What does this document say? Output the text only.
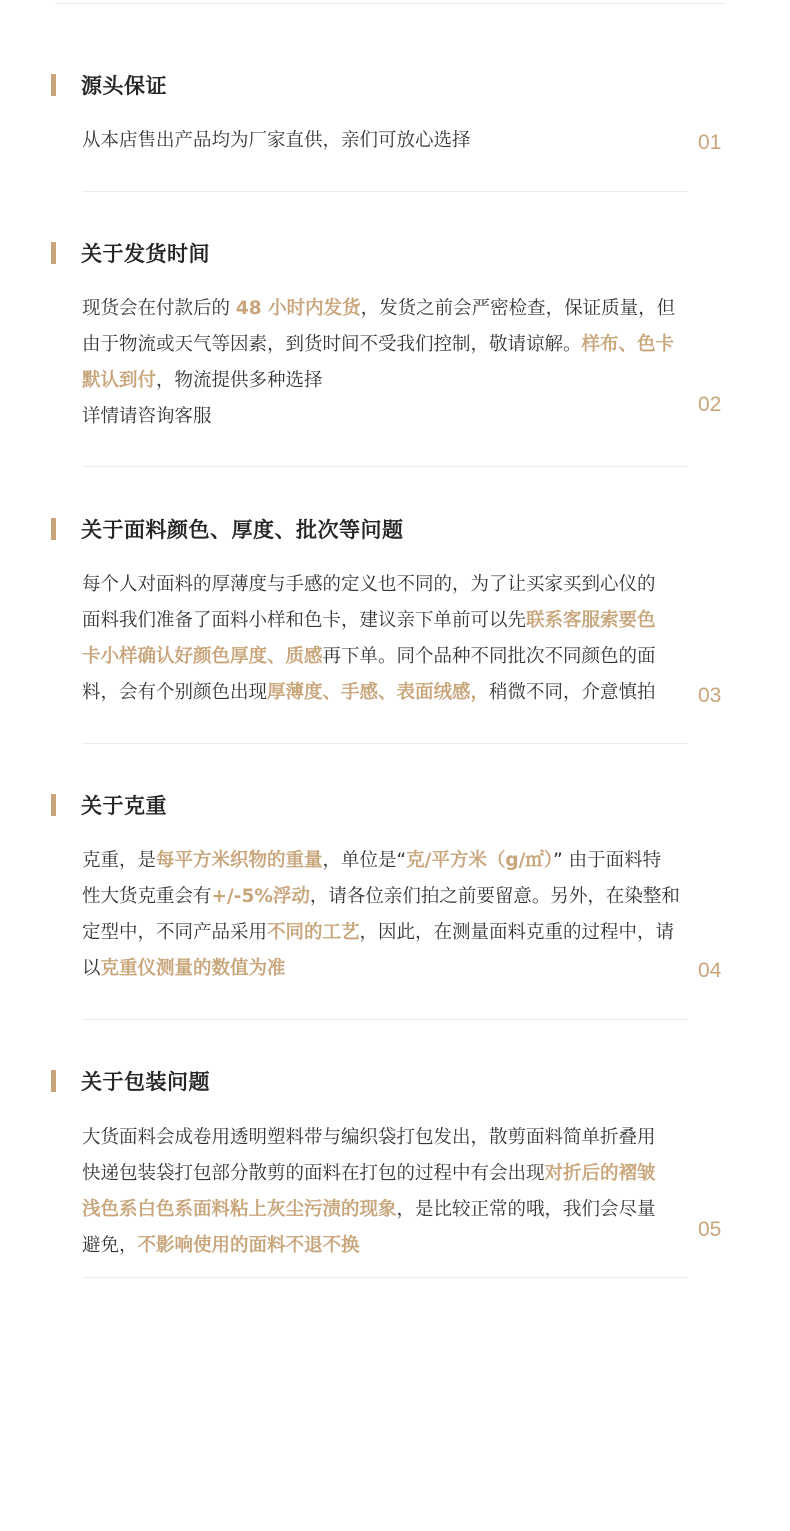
源头保证
从本店售出产品均为厂家直供，亲们可放心选择	01
关于发货时间
现货会在付款后的 48 小时内发货，发货之前会严密检查，保证质量，但
由于物流或天气等因素，到货时间不受我们控制，敬请谅解。样布、色卡
默认到付，物流提供多种选择
详情请咨询客服
02
关于面料颜色、厚度、批次等问题
每个人对面料的厚薄度与手感的定义也不同的，为了让买家买到心仪的
面料我们准备了面料小样和色卡，建议亲下单前可以先联系客服索要色
卡小样确认好颜色厚度、质感再下单。同个品种不同批次不同颜色的面
料，会有个别颜色出现厚薄度、手感、表面绒感，稍微不同，介意慎拍	03
关于克重
克重，是每平方米织物的重量，单位是“克/平方米（g/㎡）” 由于面料特
性大货克重会有+/-5%浮动，请各位亲们拍之前要留意。另外，在染整和
定型中，不同产品采用不同的工艺，因此，在测量面料克重的过程中，请
以克重仪测量的数值为准	04
关于包装问题
大货面料会成卷用透明塑料带与编织袋打包发出，散剪面料简单折叠用
快递包装袋打包部分散剪的面料在打包的过程中有会出现对折后的褶皱
浅色系白色系面料粘上灰尘污渍的现象，是比较正常的哦，我们会尽量
避免，不影响使用的面料不退不换
05
